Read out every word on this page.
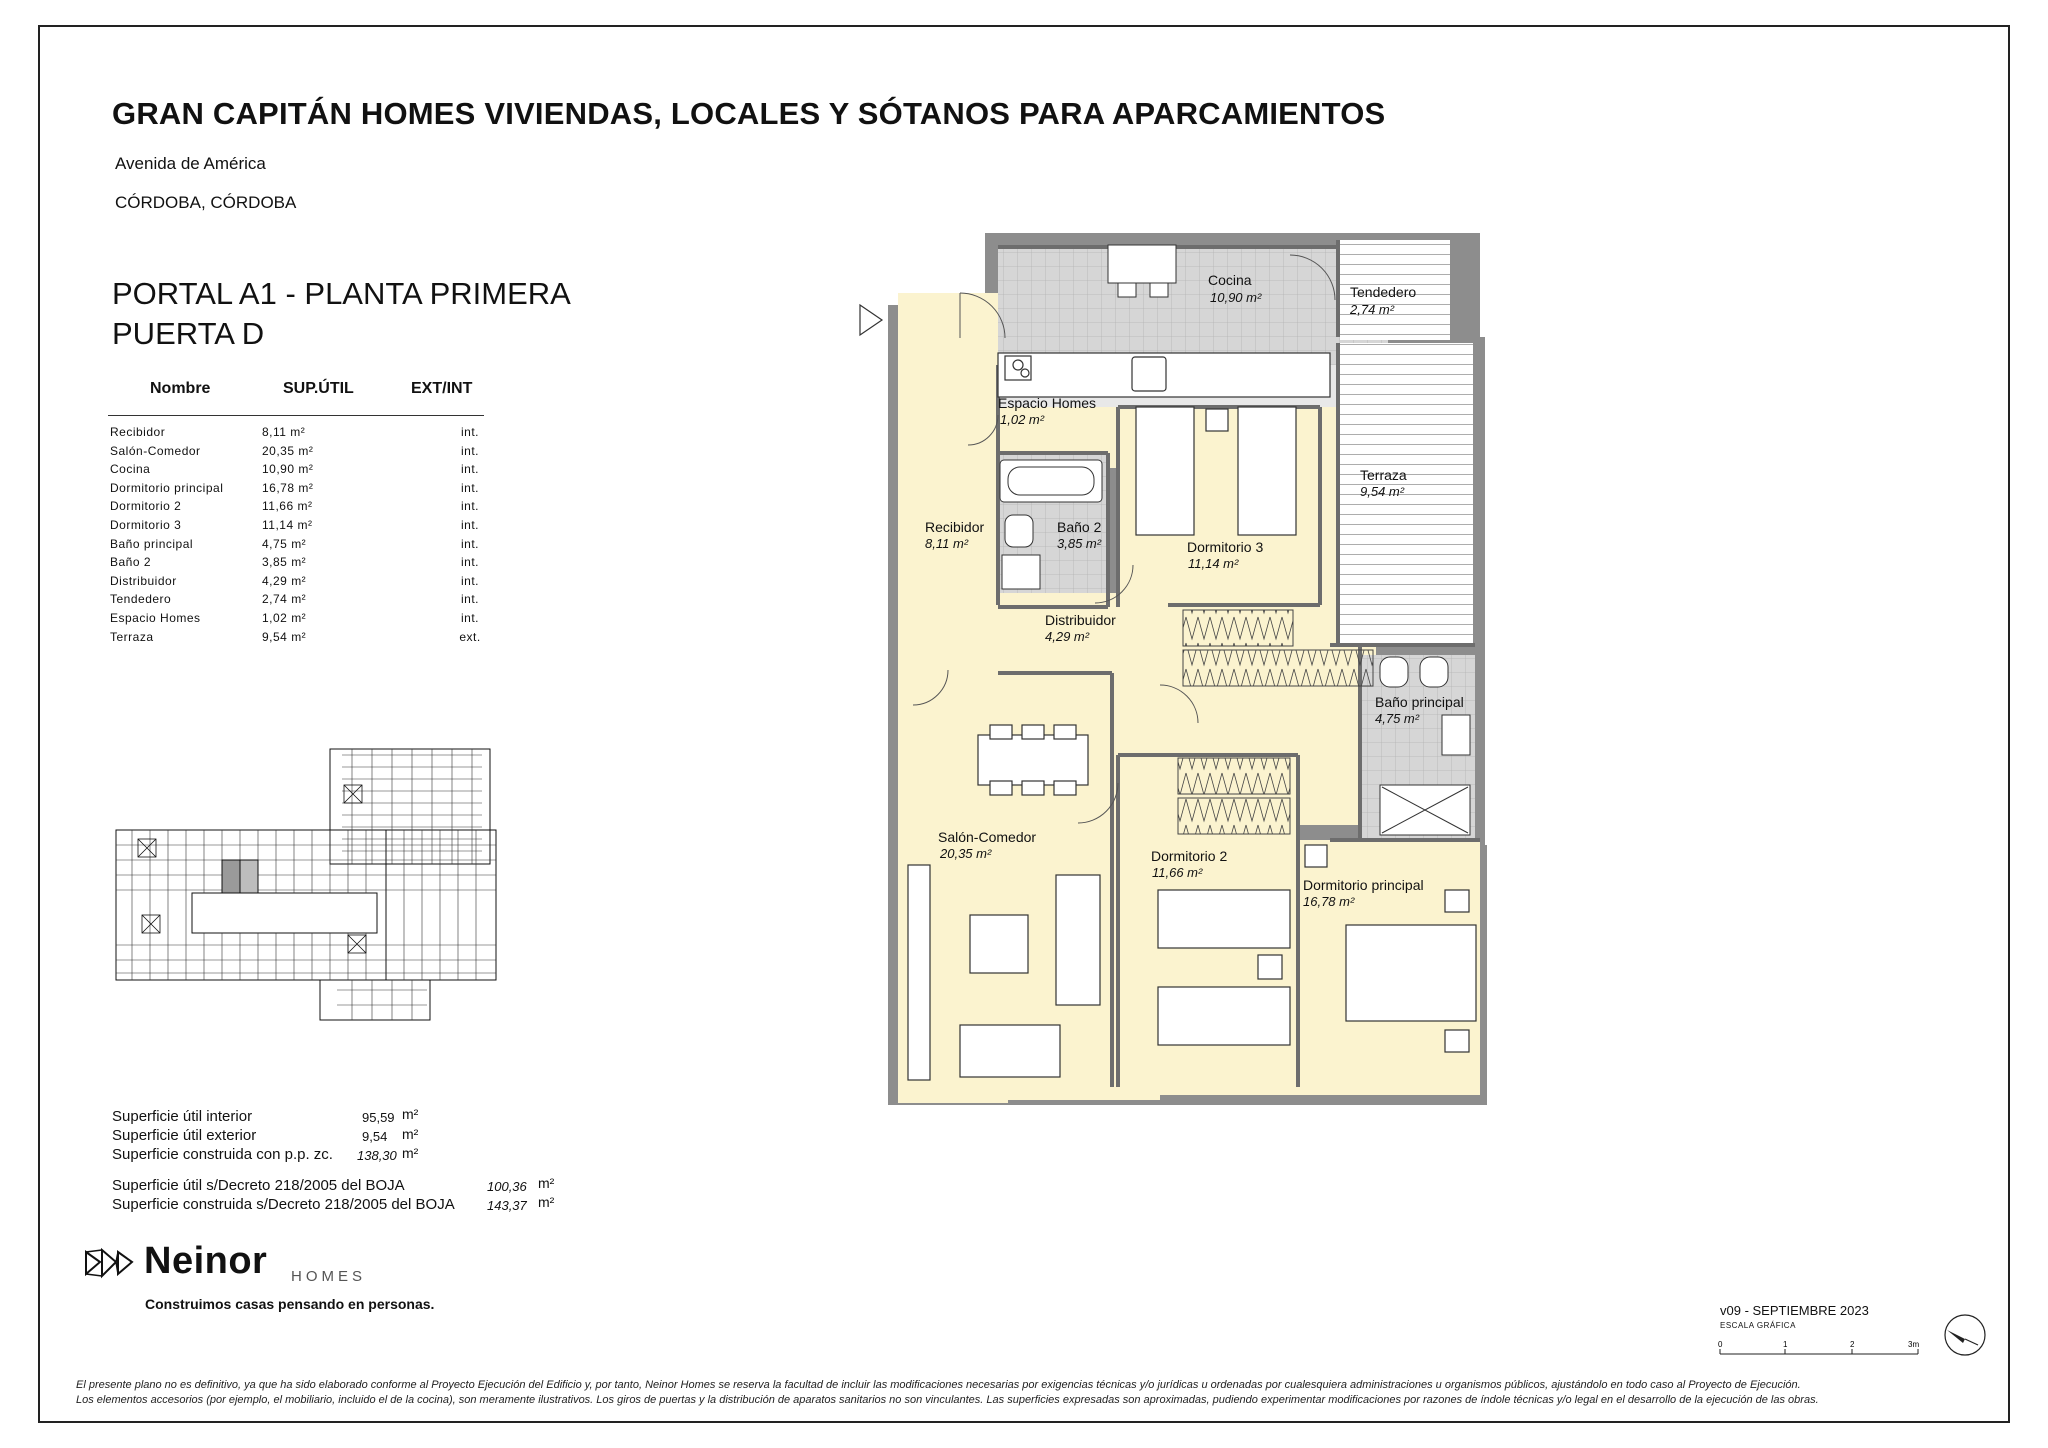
GRAN CAPITÁN HOMES VIVIENDAS, LOCALES Y SÓTANOS PARA APARCAMIENTOS
Avenida de América
CÓRDOBA, CÓRDOBA
PORTAL A1 - PLANTA PRIMERA
PUERTA D
Nombre	SUP.ÚTIL	EXT/INT
Recibidor	8,11 m²	int.
Salón-Comedor	20,35 m²	int.
Cocina	10,90 m²	int.
Dormitorio principal	16,78 m²	int.
Dormitorio 2	11,66 m²	int.
Dormitorio 3	11,14 m²	int.
Baño principal	4,75 m²	int.
Baño 2	3,85 m²	int.
Distribuidor	4,29 m²	int.
Tendedero	2,74 m²	int.
Espacio Homes	1,02 m²	int.
Terraza	9,54 m²	ext.
Superficie útil interior	95,59 m²
Superficie útil exterior	9,54 m²
Superficie construida con p.p. zc. 138,30 m²
Superficie útil s/Decreto 218/2005 del BOJA	100,36 m²
Superficie construida s/Decreto 218/2005 del BOJA 143,37 m²
Cocina
10,90 m²	Tendedero
2,74 m²
Espacio Homes
1,02 m²
Terraza
9,54 m²
Recibidor
8,11 m²
Baño 2
3,85 m²	Dormitorio 3
11,14 m²
Distribuidor
4,29 m²
Baño principal
4,75 m²
Salón-Comedor
20,35 m²	Dormitorio 2
11,66 m²
Dormitorio principal
16,78 m²
Neinor HOMES
Construimos casas pensando en personas.	v09 - SEPTIEMBRE 2023
ESCALA GRÁFICA
0	1	2	3m
El presente plano no es definitivo, ya que ha sido elaborado conforme al Proyecto Ejecución del Edificio y, por tanto, Neinor Homes se reserva la facultad de incluir las modificaciones necesarias por exigencias técnicas y/o jurídicas u ordenadas por cualesquiera administraciones u organismos públicos, ajustándolo en todo caso al Proyecto de Ejecución.
Los elementos accesorios (por ejemplo, el mobiliario, incluido el de la cocina), son meramente ilustrativos. Los giros de puertas y la distribución de aparatos sanitarios no son vinculantes. Las superficies expresadas son aproximadas, pudiendo experimentar modificaciones por razones de índole técnicas y/o legal en el desarrollo de la ejecución de las obras.
